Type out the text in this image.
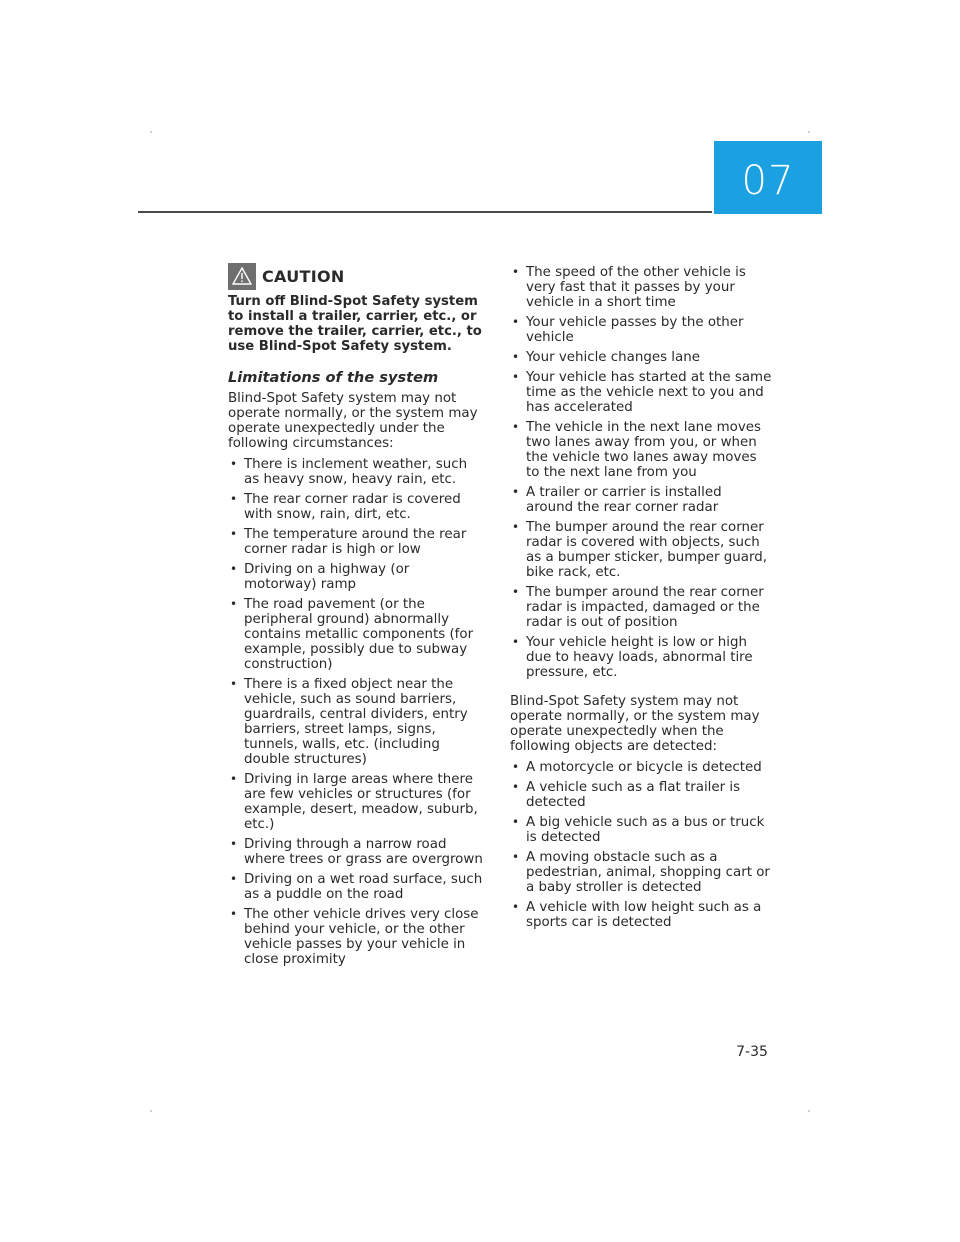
07
CAUTION

Turn off Blind-Spot Safety system to install a trailer, carrier, etc., or remove the trailer, carrier, etc., to use Blind-Spot Safety system.

Limitations of the system

Blind-Spot Safety system may not operate normally, or the system may operate unexpectedly under the following circumstances:

• There is inclement weather, such as heavy snow, heavy rain, etc.
• The rear corner radar is covered with snow, rain, dirt, etc.
• The temperature around the rear corner radar is high or low
• Driving on a highway (or motorway) ramp
• The road pavement (or the peripheral ground) abnormally contains metallic components (for example, possibly due to subway construction)
• There is a fixed object near the vehicle, such as sound barriers, guardrails, central dividers, entry barriers, street lamps, signs, tunnels, walls, etc. (including double structures)
• Driving in large areas where there are few vehicles or structures (for example, desert, meadow, suburb, etc.)
• Driving through a narrow road where trees or grass are overgrown
• Driving on a wet road surface, such as a puddle on the road
• The other vehicle drives very close behind your vehicle, or the other vehicle passes by your vehicle in close proximity
• The speed of the other vehicle is very fast that it passes by your vehicle in a short time
• Your vehicle passes by the other vehicle
• Your vehicle changes lane
• Your vehicle has started at the same time as the vehicle next to you and has accelerated
• The vehicle in the next lane moves two lanes away from you, or when the vehicle two lanes away moves to the next lane from you
• A trailer or carrier is installed around the rear corner radar
• The bumper around the rear corner radar is covered with objects, such as a bumper sticker, bumper guard, bike rack, etc.
• The bumper around the rear corner radar is impacted, damaged or the radar is out of position
• Your vehicle height is low or high due to heavy loads, abnormal tire pressure, etc.

Blind-Spot Safety system may not operate normally, or the system may operate unexpectedly when the following objects are detected:

• A motorcycle or bicycle is detected
• A vehicle such as a flat trailer is detected
• A big vehicle such as a bus or truck is detected
• A moving obstacle such as a pedestrian, animal, shopping cart or a baby stroller is detected
• A vehicle with low height such as a sports car is detected
7-35
